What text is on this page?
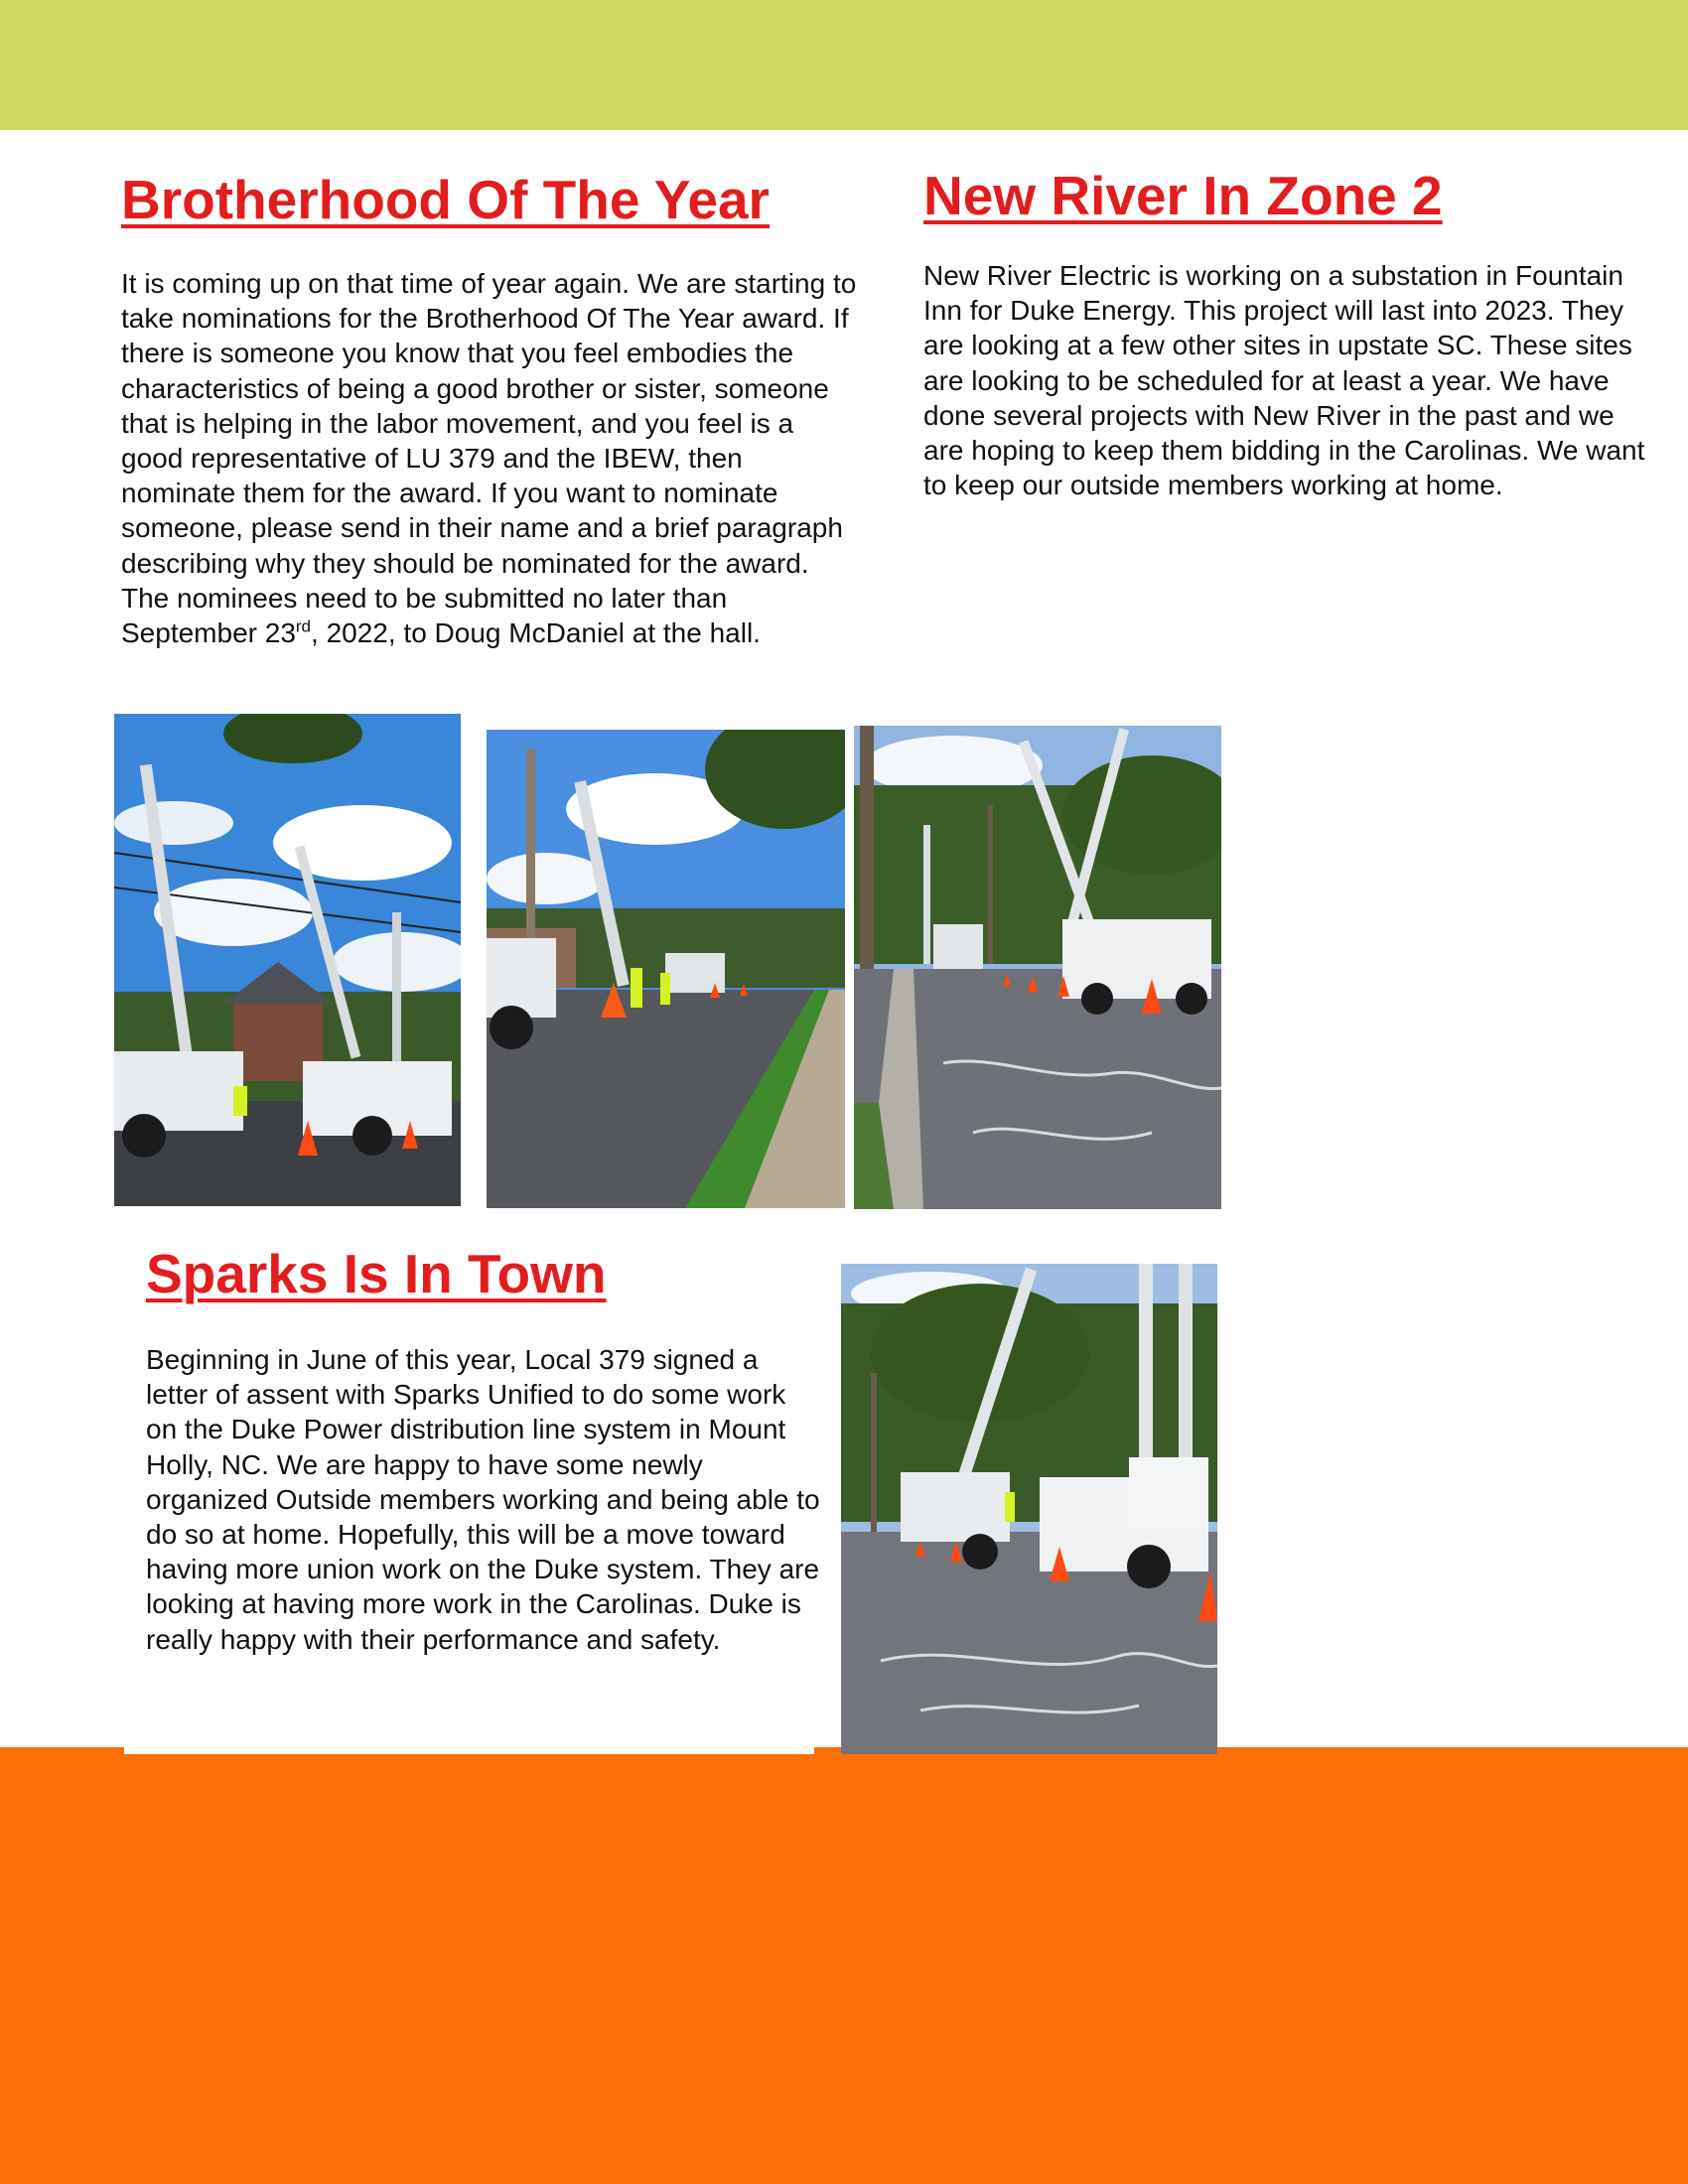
Brotherhood Of The Year

It is coming up on that time of year again. We are starting to take nominations for the Brotherhood Of The Year award. If there is someone you know that you feel embodies the characteristics of being a good brother or sister, someone that is helping in the labor movement, and you feel is a good representative of LU 379 and the IBEW, then nominate them for the award. If you want to nominate someone, please send in their name and a brief paragraph describing why they should be nominated for the award. The nominees need to be submitted no later than September 23rd, 2022, to Doug McDaniel at the hall.

New River In Zone 2

New River Electric is working on a substation in Fountain Inn for Duke Energy. This project will last into 2023. They are looking at a few other sites in upstate SC. These sites are looking to be scheduled for at least a year. We have done several projects with New River in the past and we are hoping to keep them bidding in the Carolinas. We want to keep our outside members working at home.

Sparks Is In Town

Beginning in June of this year, Local 379 signed a letter of assent with Sparks Unified to do some work on the Duke Power distribution line system in Mount Holly, NC. We are happy to have some newly organized Outside members working and being able to do so at home. Hopefully, this will be a move toward having more union work on the Duke system. They are looking at having more work in the Carolinas. Duke is really happy with their performance and safety.
